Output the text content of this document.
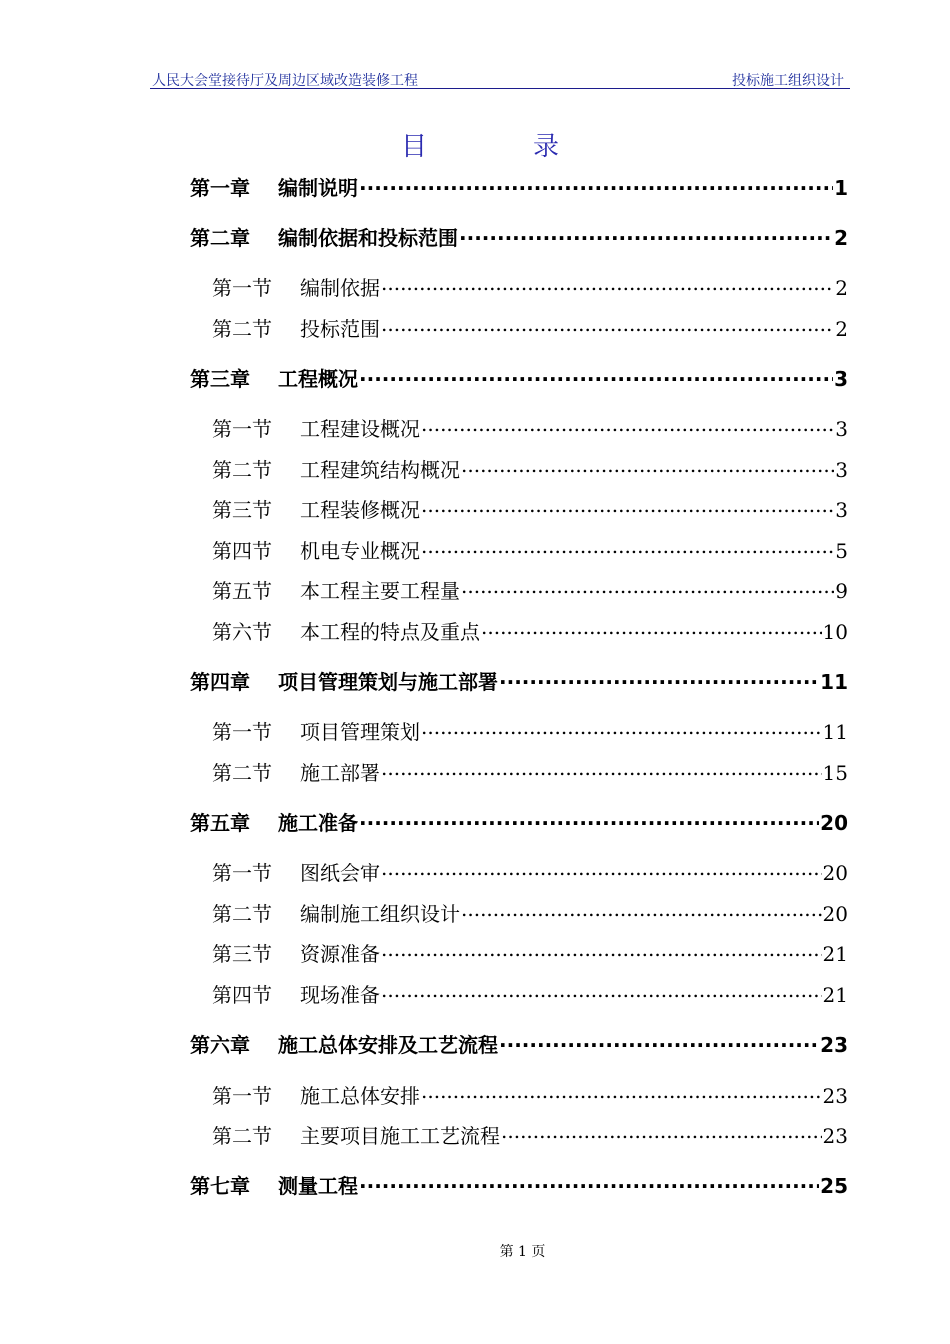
人民大会堂接待厅及周边区域改造装修工程	投标施工组织设计
目　录
第一章	编制说明 .....	1
第二章	编制依据和投标范围 .....	2
第一节	编制依据 .....	2
第二节	投标范围 .....	2
第三章	工程概况 .....	3
第一节	工程建设概况 .....	3
第二节	工程建筑结构概况 .....	3
第三节	工程装修概况 .....	3
第四节	机电专业概况 .....	5
第五节	本工程主要工程量 .....	9
第六节	本工程的特点及重点 .....	10
第四章	项目管理策划与施工部署 .....	11
第一节	项目管理策划 .....	11
第二节	施工部署 .....	15
第五章	施工准备 .....	20
第一节	图纸会审 .....	20
第二节	编制施工组织设计 .....	20
第三节	资源准备 .....	21
第四节	现场准备 .....	21
第六章	施工总体安排及工艺流程 .....	23
第一节	施工总体安排 .....	23
第二节	主要项目施工工艺流程 .....	23
第七章	测量工程 .....	25
第 1 页
